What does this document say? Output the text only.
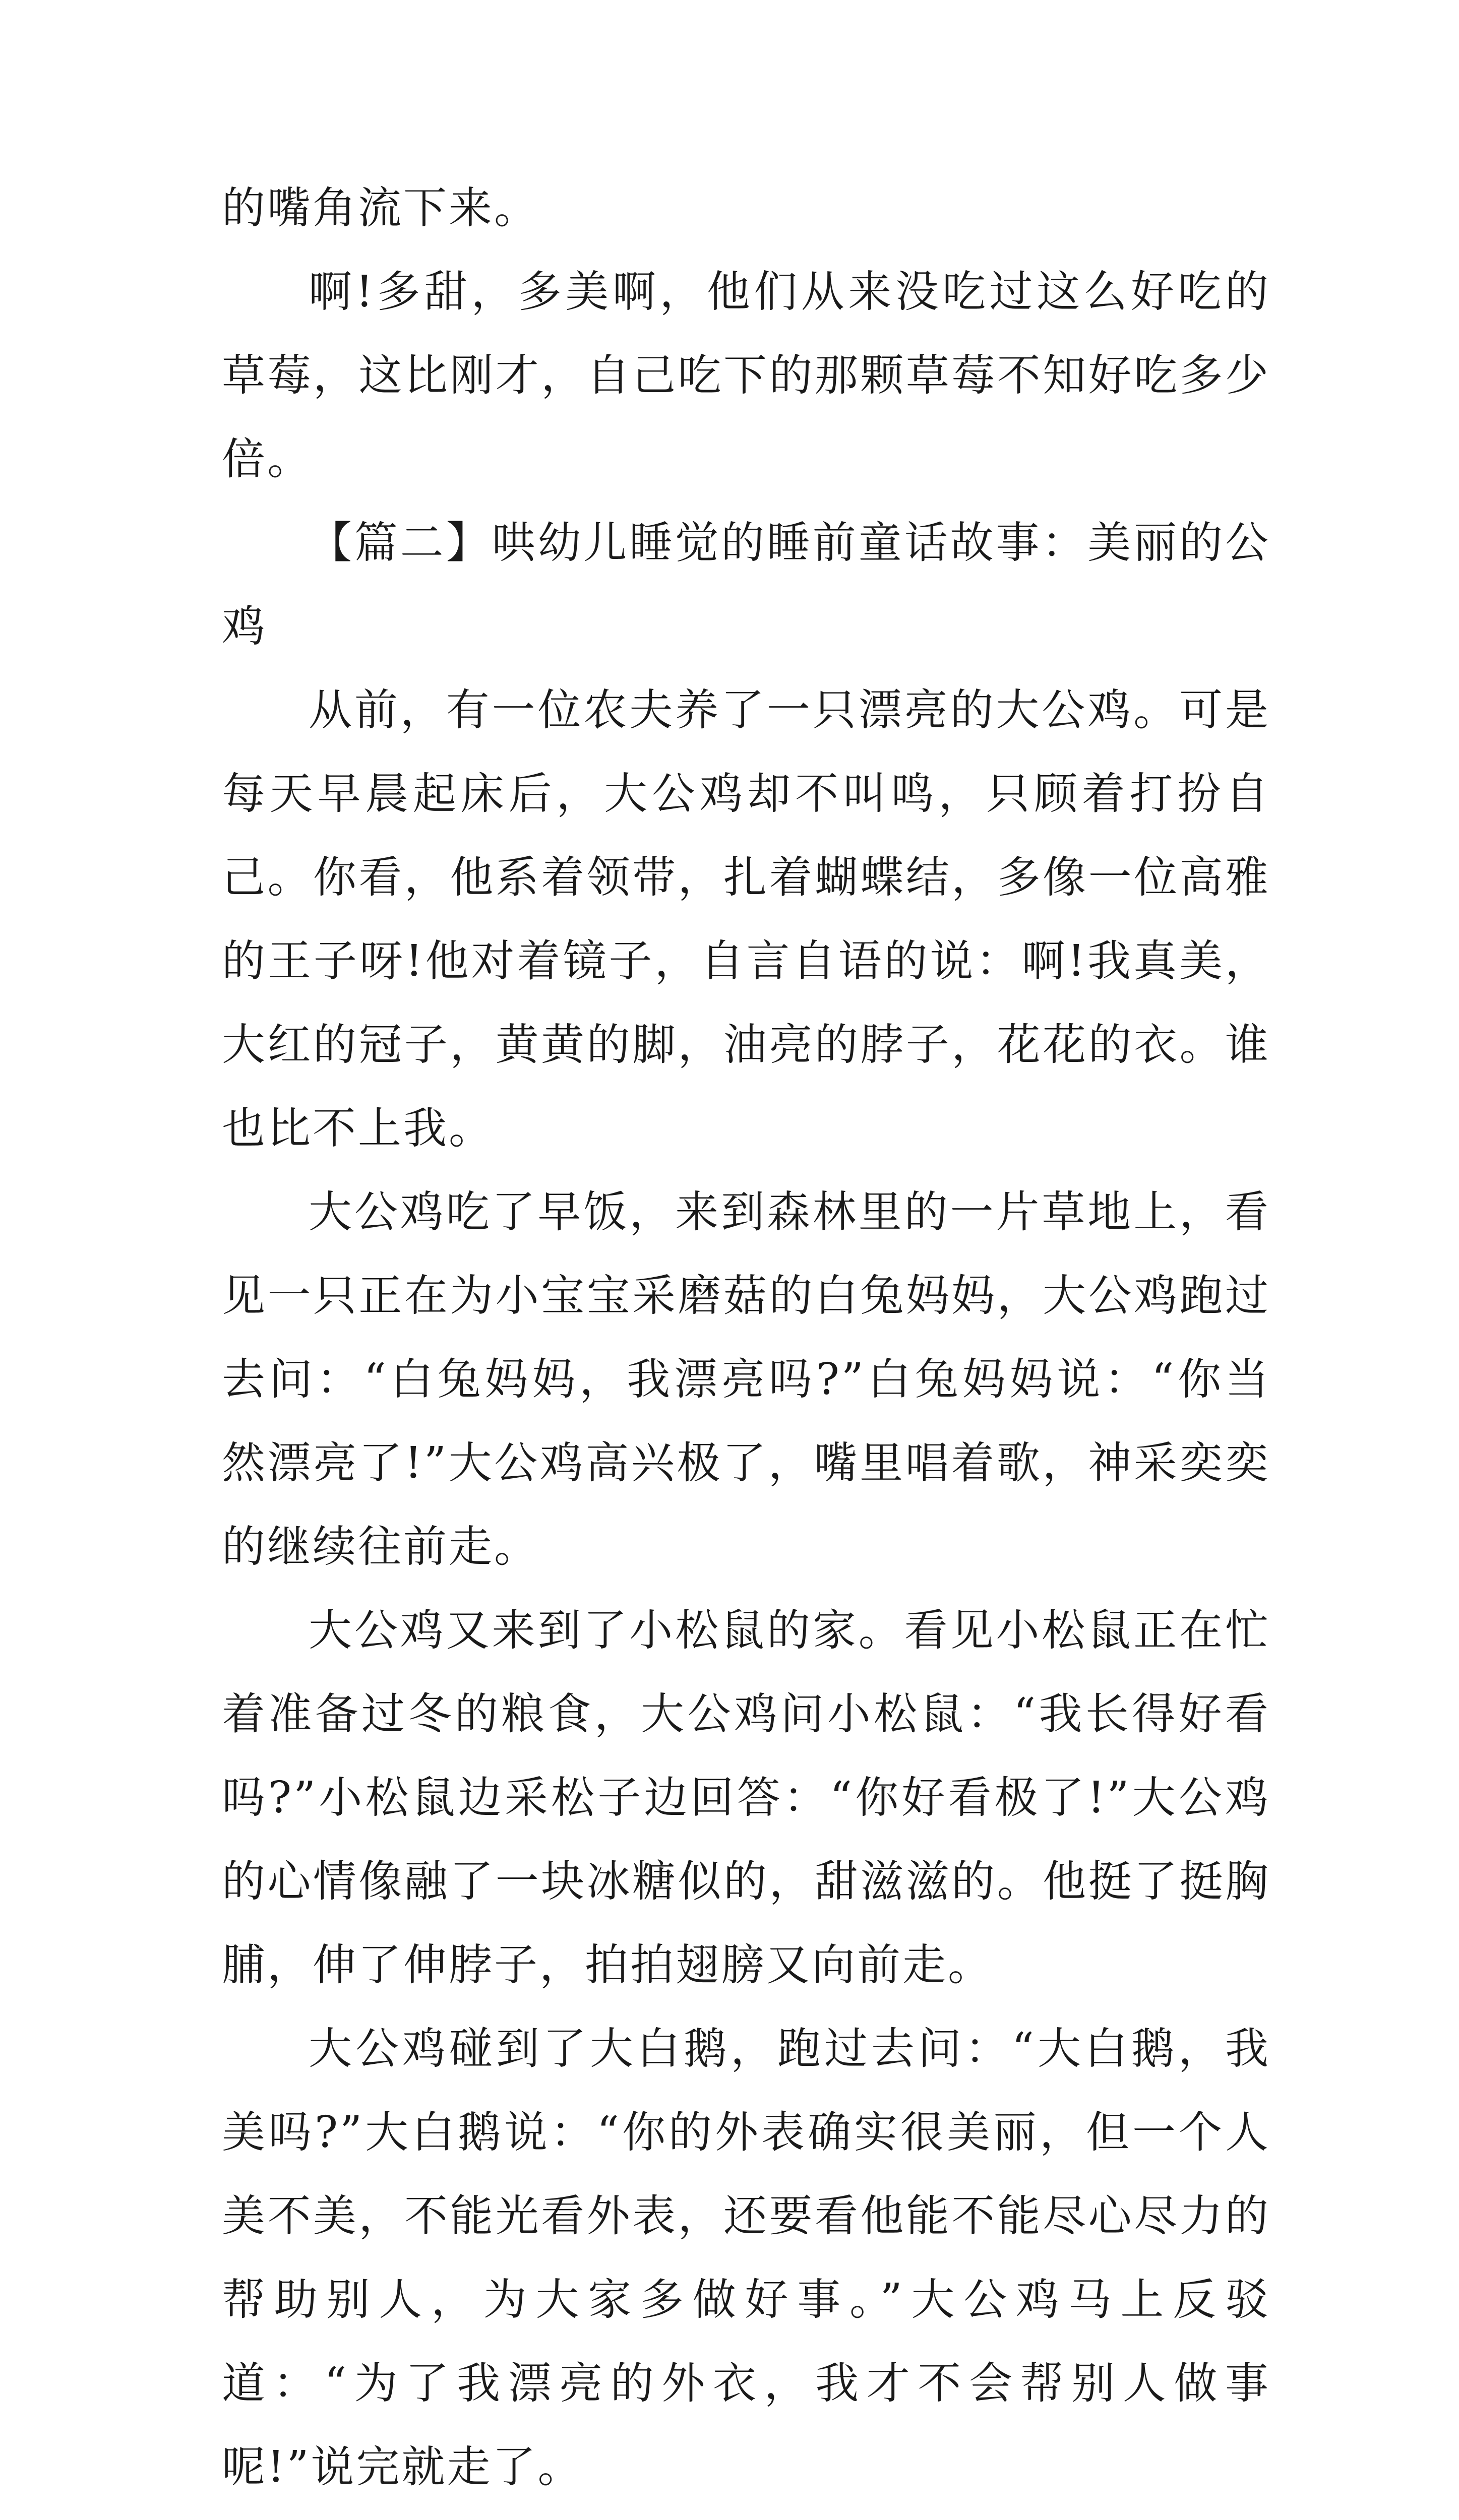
的嘴角流下来。

啊!多甜，多美啊，他们从来没吃过这么好吃的草莓，这比刚才，自己吃下的那颗草莓不知好吃多少倍。

【篇二】哄幼儿睡觉的睡前童话故事：美丽的公鸡

从前，有一位农夫养了一只漂亮的大公鸡。可是每天早晨起床后，大公鸡却不叫鸣，只顾着打扮自己。你看，他系着领带，扎着蝴蝶结，多像一位高雅的王子呀!他对着镜子，自言自语的说：啊!我真美，大红的冠子，黄黄的脚，油亮的脖子，花花的衣。谁也比不上我。

大公鸡吃了早饭，来到森林里的一片草地上，看见一只正在为小宝宝采磨菇的白兔妈妈，大公鸡跑过去问：“白兔妈妈，我漂亮吗?”白兔妈妈说：“你当然漂亮了!”大公鸡高兴极了，嘴里唱着歌，神采奕奕的继续往前走。

大公鸡又来到了小松鼠的家。看见小松鼠正在忙着准备过冬的粮食，大公鸡问小松鼠：“我长得好看吗?”小松鼠边采松子边回答：“你好看极了!”大公鸡的心情像融了一块冰糖似的，甜滋滋的。他挺了挺胸脯，伸了伸脖子，拍拍翅膀又向前走。

大公鸡碰到了大白鹅，跑过去问：“大白鹅，我美吗?”大白鹅说：“你的外表确实很美丽，但一个人美不美，不能光看外表，还要看他能不能尽心尽力的帮助别人，为大家多做好事。”大公鸡马上反驳道：“为了我漂亮的外衣，我才不会帮别人做事呢!”说完就走了。
